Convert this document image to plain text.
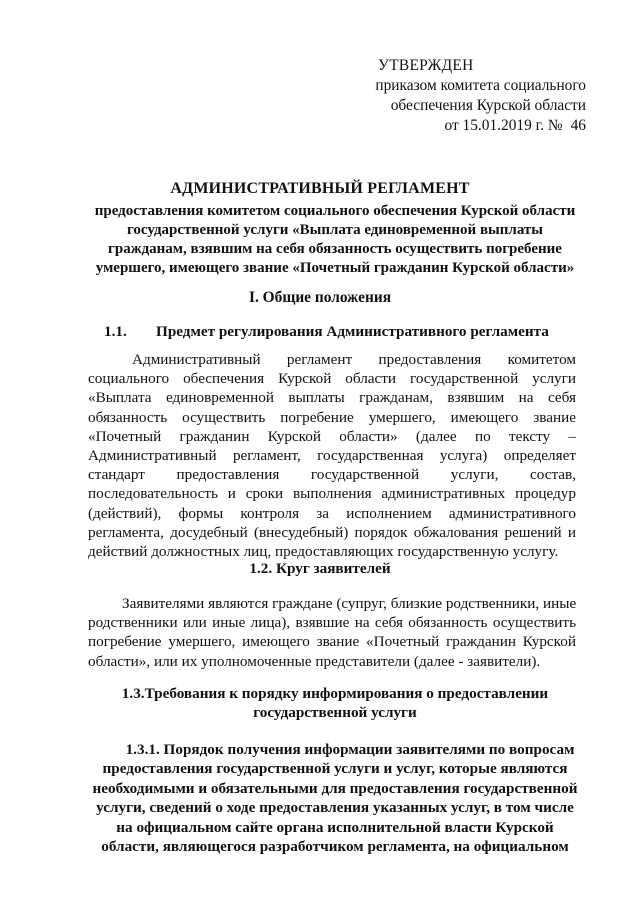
УТВЕРЖДЕН
приказом комитета социального
обеспечения Курской области
от 15.01.2019 г. № 46
АДМИНИСТРАТИВНЫЙ РЕГЛАМЕНТ
предоставления комитетом социального обеспечения Курской области
государственной услуги «Выплата единовременной выплаты
гражданам, взявшим на себя обязанность осуществить погребение
умершего, имеющего звание «Почетный гражданин Курской области»
I. Общие положения
1.1. Предмет регулирования Административного регламента
Административный регламент предоставления комитетом
социального обеспечения Курской области государственной услуги
«Выплата единовременной выплаты гражданам, взявшим на себя
обязанность осуществить погребение умершего, имеющего звание
«Почетный гражданин Курской области» (далее по тексту –
Административный регламент, государственная услуга) определяет
стандарт предоставления государственной услуги, состав,
последовательность и сроки выполнения административных процедур
(действий), формы контроля за исполнением административного
регламента, досудебный (внесудебный) порядок обжалования решений и
действий должностных лиц, предоставляющих государственную услугу.
1.2. Круг заявителей
Заявителями являются граждане (супруг, близкие родственники, иные
родственники или иные лица), взявшие на себя обязанность осуществить
погребение умершего, имеющего звание «Почетный гражданин Курской
области», или их уполномоченные представители (далее - заявители).
1.3.Требования к порядку информирования о предоставлении
государственной услуги
1.3.1. Порядок получения информации заявителями по вопросам
предоставления государственной услуги и услуг, которые являются
необходимыми и обязательными для предоставления государственной
услуги, сведений о ходе предоставления указанных услуг, в том числе
на официальном сайте органа исполнительной власти Курской
области, являющегося разработчиком регламента, на официальном
